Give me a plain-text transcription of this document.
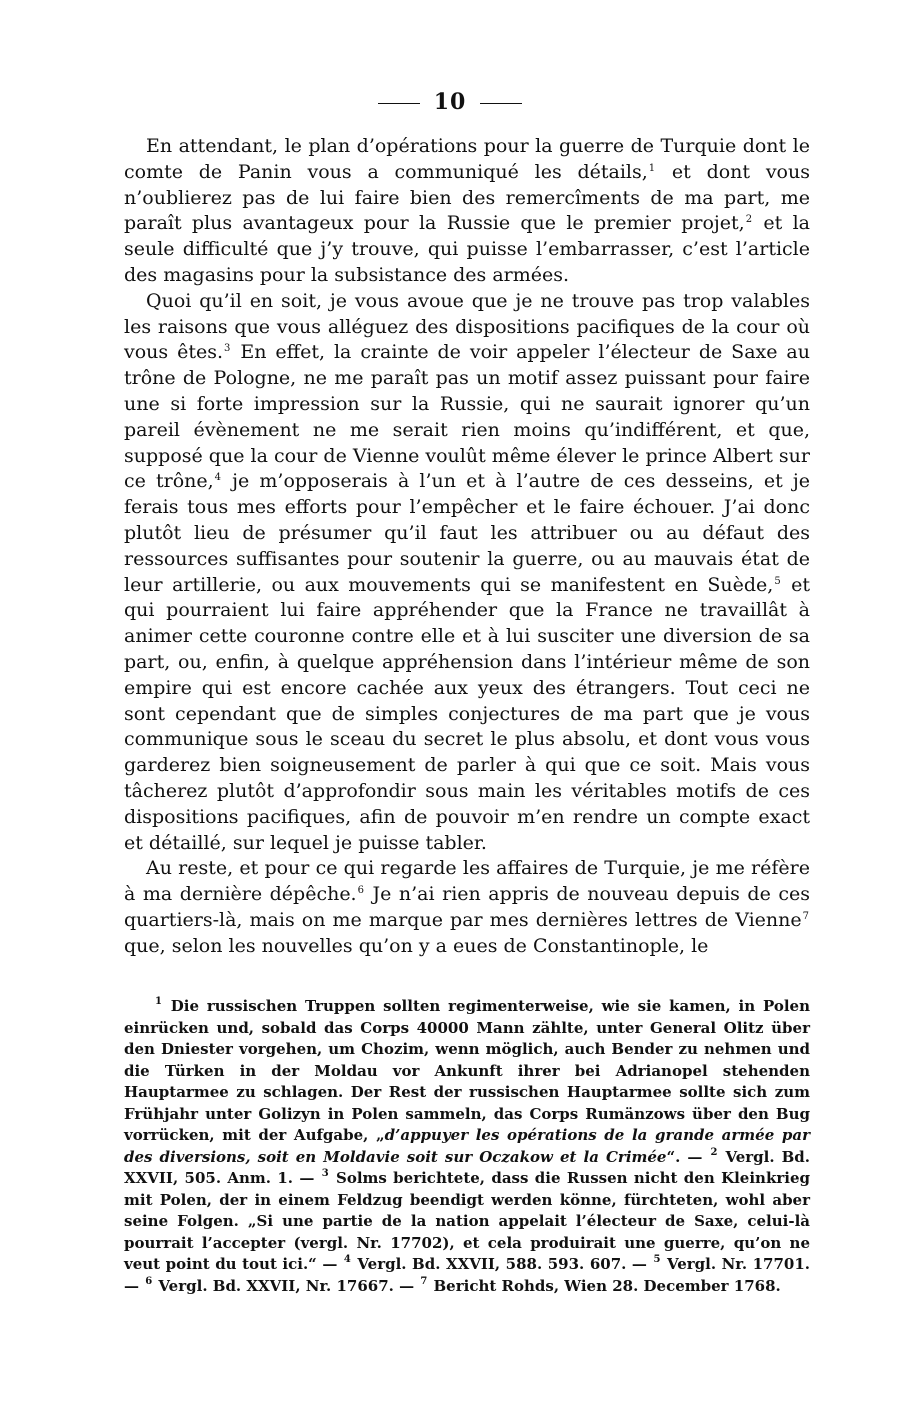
10

En attendant, le plan d’opérations pour la guerre de Turquie dont le comte de Panin vous a communiqué les détails,$^1$ et dont vous n’oublierez pas de lui faire bien des remercîments de ma part, me paraît plus avantageux pour la Russie que le premier projet,$^2$ et la seule difficulté que j’y trouve, qui puisse l’embarrasser, c’est l’article des magasins pour la subsistance des armées.

Quoi qu’il en soit, je vous avoue que je ne trouve pas trop valables les raisons que vous alléguez des dispositions pacifiques de la cour où vous êtes.$^3$ En effet, la crainte de voir appeler l’électeur de Saxe au trône de Pologne, ne me paraît pas un motif assez puissant pour faire une si forte impression sur la Russie, qui ne saurait ignorer qu’un pareil évènement ne me serait rien moins qu’indifférent, et que, supposé que la cour de Vienne voulût même élever le prince Albert sur ce trône,$^4$ je m’opposerais à l’un et à l’autre de ces desseins, et je ferais tous mes efforts pour l’empêcher et le faire échouer. J’ai donc plutôt lieu de présumer qu’il faut les attribuer ou au défaut des ressources suffisantes pour soutenir la guerre, ou au mauvais état de leur artillerie, ou aux mouvements qui se manifestent en Suède,$^5$ et qui pourraient lui faire appréhender que la France ne travaillât à animer cette couronne contre elle et à lui susciter une diversion de sa part, ou, enfin, à quelque appréhension dans l’intérieur même de son empire qui est encore cachée aux yeux des étrangers. Tout ceci ne sont cependant que de simples conjectures de ma part que je vous communique sous le sceau du secret le plus absolu, et dont vous vous garderez bien soigneusement de parler à qui que ce soit. Mais vous tâcherez plutôt d’approfondir sous main les véritables motifs de ces dispositions pacifiques, afin de pouvoir m’en rendre un compte exact et détaillé, sur lequel je puisse tabler.

Au reste, et pour ce qui regarde les affaires de Turquie, je me réfère à ma dernière dépêche.$^6$ Je n’ai rien appris de nouveau depuis de ces quartiers-là, mais on me marque par mes dernières lettres de Vienne$^7$ que, selon les nouvelles qu’on y a eues de Constantinople, le

$^1$ Die russischen Truppen sollten regimenterweise, wie sie kamen, in Polen einrücken und, sobald das Corps 40000 Mann zählte, unter General Olitz über den Dniester vorgehen, um Chozim, wenn möglich, auch Bender zu nehmen und die Türken in der Moldau vor Ankunft ihrer bei Adrianopel stehenden Hauptarmee zu schlagen. Der Rest der russischen Hauptarmee sollte sich zum Frühjahr unter Golizyn in Polen sammeln, das Corps Rumänzows über den Bug vorrücken, mit der Aufgabe, „d’appuyer les opérations de la grande armée par des diversions, soit en Moldavie soit sur Oczakow et la Crimée“. — $^2$ Vergl. Bd. XXVII, 505. Anm. 1. — $^3$ Solms berichtete, dass die Russen nicht den Kleinkrieg mit Polen, der in einem Feldzug beendigt werden könne, fürchteten, wohl aber seine Folgen. „Si une partie de la nation appelait l’électeur de Saxe, celui-là pourrait l’accepter (vergl. Nr. 17702), et cela produirait une guerre, qu’on ne veut point du tout ici.“ — $^4$ Vergl. Bd. XXVII, 588. 593. 607. — $^5$ Vergl. Nr. 17701. — $^6$ Vergl. Bd. XXVII, Nr. 17667. — $^7$ Bericht Rohds, Wien 28. December 1768.
